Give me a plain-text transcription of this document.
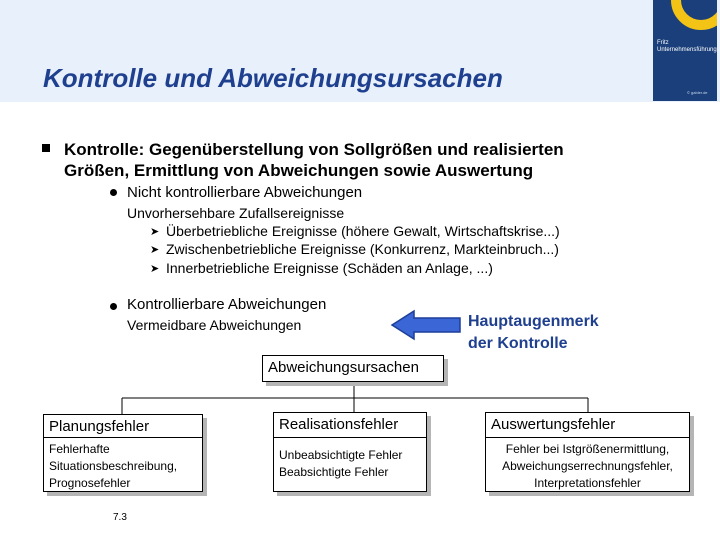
Kontrolle und Abweichungsursachen
Fritz
Unternehmensführung
© gabler.de
Kontrolle: Gegenüberstellung von Sollgrößen und realisierten
Größen, Ermittlung von Abweichungen sowie Auswertung
Nicht kontrollierbare Abweichungen
Unvorhersehbare Zufallsereignisse
➤ Überbetriebliche Ereignisse (höhere Gewalt, Wirtschaftskrise...)
➤ Zwischenbetriebliche Ereignisse (Konkurrenz, Markteinbruch...)
➤ Innerbetriebliche Ereignisse (Schäden an Anlage, ...)
Kontrollierbare Abweichungen
Vermeidbare Abweichungen	Hauptaugenmerk
der Kontrolle
Abweichungsursachen
Planungsfehler
Fehlerhafte
Situationsbeschreibung,
Prognosefehler
Realisationsfehler
Unbeabsichtigte Fehler
Beabsichtigte Fehler
Auswertungsfehler
Fehler bei Istgrößenermittlung,
Abweichungserrechnungsfehler,
Interpretationsfehler
7.3
